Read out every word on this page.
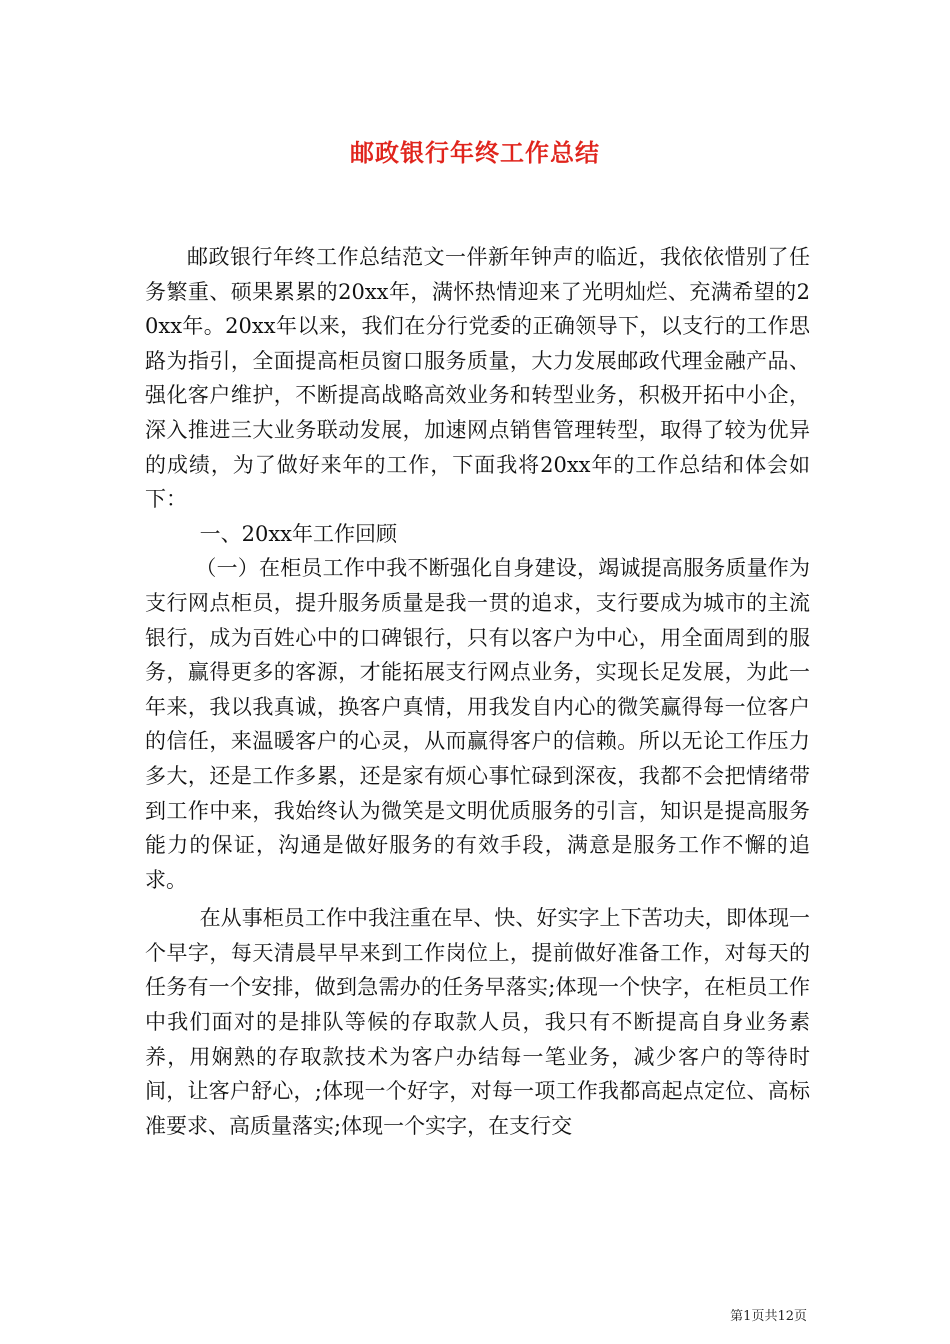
邮政银行年终工作总结

邮政银行年终工作总结范文一伴新年钟声的临近，我依依惜别了任务繁重、硕果累累的20xx年，满怀热情迎来了光明灿烂、充满希望的20xx年。20xx年以来，我们在分行党委的正确领导下，以支行的工作思路为指引，全面提高柜员窗口服务质量，大力发展邮政代理金融产品、强化客户维护，不断提高战略高效业务和转型业务，积极开拓中小企，深入推进三大业务联动发展，加速网点销售管理转型，取得了较为优异的成绩，为了做好来年的工作，下面我将20xx年的工作总结和体会如下：

一、20xx年工作回顾

（一）在柜员工作中我不断强化自身建设，竭诚提高服务质量作为支行网点柜员，提升服务质量是我一贯的追求，支行要成为城市的主流银行，成为百姓心中的口碑银行，只有以客户为中心，用全面周到的服务，赢得更多的客源，才能拓展支行网点业务，实现长足发展，为此一年来，我以我真诚，换客户真情，用我发自内心的微笑赢得每一位客户的信任，来温暖客户的心灵，从而赢得客户的信赖。所以无论工作压力多大，还是工作多累，还是家有烦心事忙碌到深夜，我都不会把情绪带到工作中来，我始终认为微笑是文明优质服务的引言，知识是提高服务能力的保证，沟通是做好服务的有效手段，满意是服务工作不懈的追求。

在从事柜员工作中我注重在早、快、好实字上下苦功夫，即体现一个早字，每天清晨早早来到工作岗位上，提前做好准备工作，对每天的任务有一个安排，做到急需办的任务早落实;体现一个快字，在柜员工作中我们面对的是排队等候的存取款人员，我只有不断提高自身业务素养，用娴熟的存取款技术为客户办结每一笔业务，减少客户的等待时间，让客户舒心，;体现一个好字，对每一项工作我都高起点定位、高标准要求、高质量落实;体现一个实字，在支行交

第1页共12页
